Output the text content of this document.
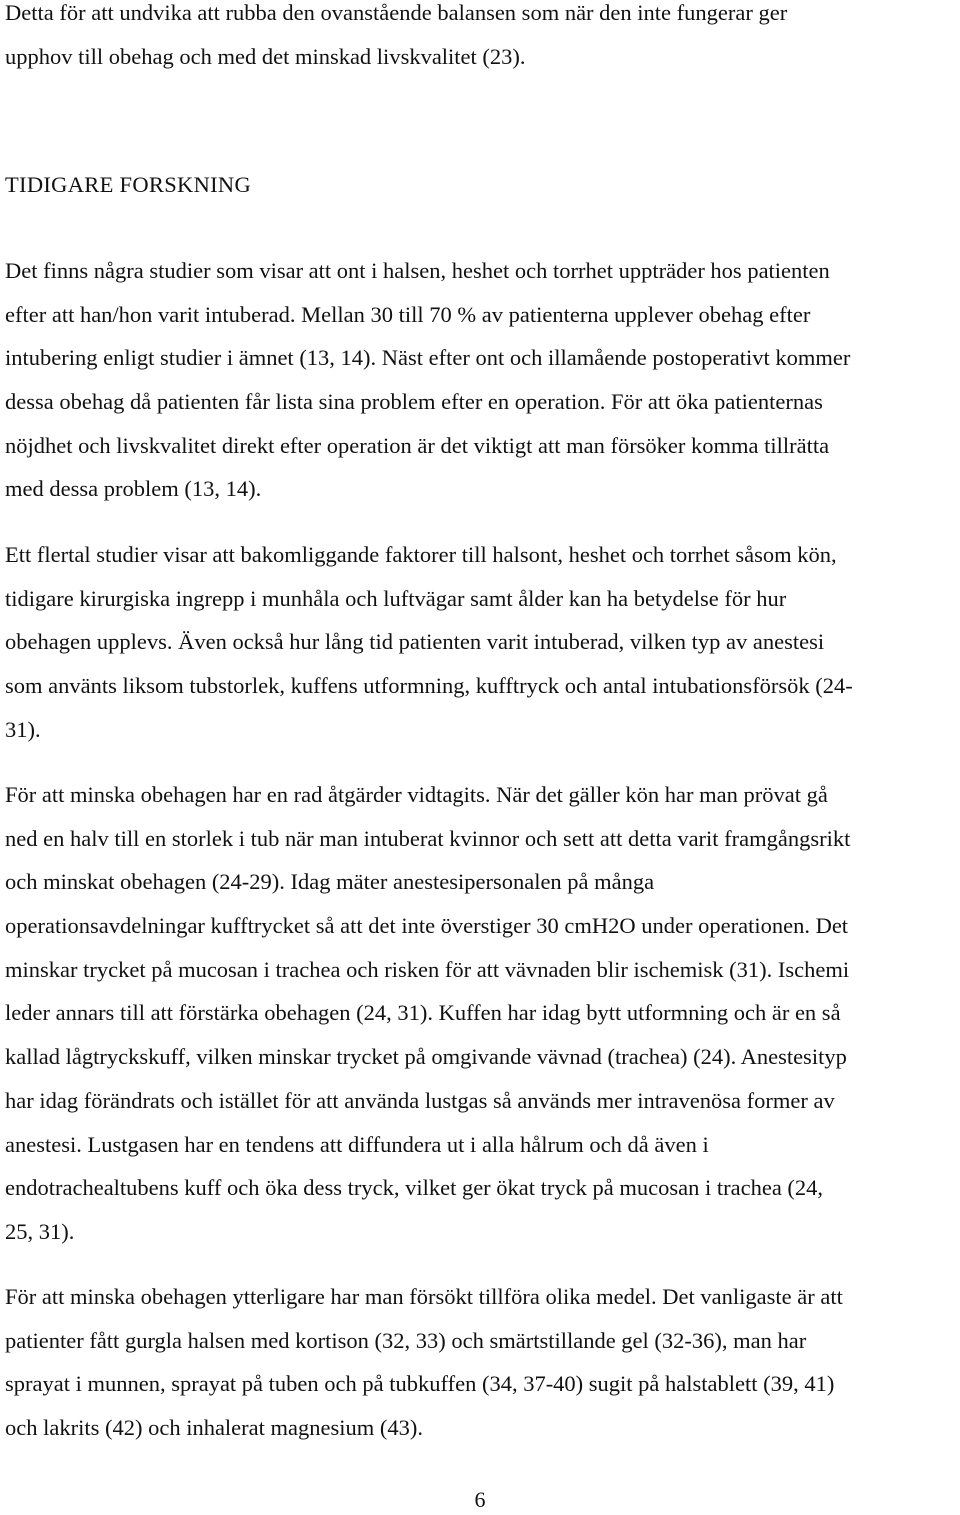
Detta för att undvika att rubba den ovanstående balansen som när den inte fungerar ger
upphov till obehag och med det minskad livskvalitet (23).

TIDIGARE FORSKNING

Det finns några studier som visar att ont i halsen, heshet och torrhet uppträder hos patienten
efter att han/hon varit intuberad. Mellan 30 till 70 % av patienterna upplever obehag efter
intubering enligt studier i ämnet (13, 14). Näst efter ont och illamående postoperativt kommer
dessa obehag då patienten får lista sina problem efter en operation. För att öka patienternas
nöjdhet och livskvalitet direkt efter operation är det viktigt att man försöker komma tillrätta
med dessa problem (13, 14).

Ett flertal studier visar att bakomliggande faktorer till halsont, heshet och torrhet såsom kön,
tidigare kirurgiska ingrepp i munhåla och luftvägar samt ålder kan ha betydelse för hur
obehagen upplevs. Även också hur lång tid patienten varit intuberad, vilken typ av anestesi
som använts liksom tubstorlek, kuffens utformning, kufftryck och antal intubationsförsök (24-
31).

För att minska obehagen har en rad åtgärder vidtagits. När det gäller kön har man prövat gå
ned en halv till en storlek i tub när man intuberat kvinnor och sett att detta varit framgångsrikt
och minskat obehagen (24-29). Idag mäter anestesipersonalen på många
operationsavdelningar kufftrycket så att det inte överstiger 30 cmH2O under operationen. Det
minskar trycket på mucosan i trachea och risken för att vävnaden blir ischemisk (31). Ischemi
leder annars till att förstärka obehagen (24, 31). Kuffen har idag bytt utformning och är en så
kallad lågtryckskuff, vilken minskar trycket på omgivande vävnad (trachea) (24). Anestesityp
har idag förändrats och istället för att använda lustgas så används mer intravenösa former av
anestesi. Lustgasen har en tendens att diffundera ut i alla hålrum och då även i
endotrachealtubens kuff och öka dess tryck, vilket ger ökat tryck på mucosan i trachea (24,
25, 31).

För att minska obehagen ytterligare har man försökt tillföra olika medel. Det vanligaste är att
patienter fått gurgla halsen med kortison (32, 33) och smärtstillande gel (32-36), man har
sprayat i munnen, sprayat på tuben och på tubkuffen (34, 37-40) sugit på halstablett (39, 41)
och lakrits (42) och inhalerat magnesium (43).

6
